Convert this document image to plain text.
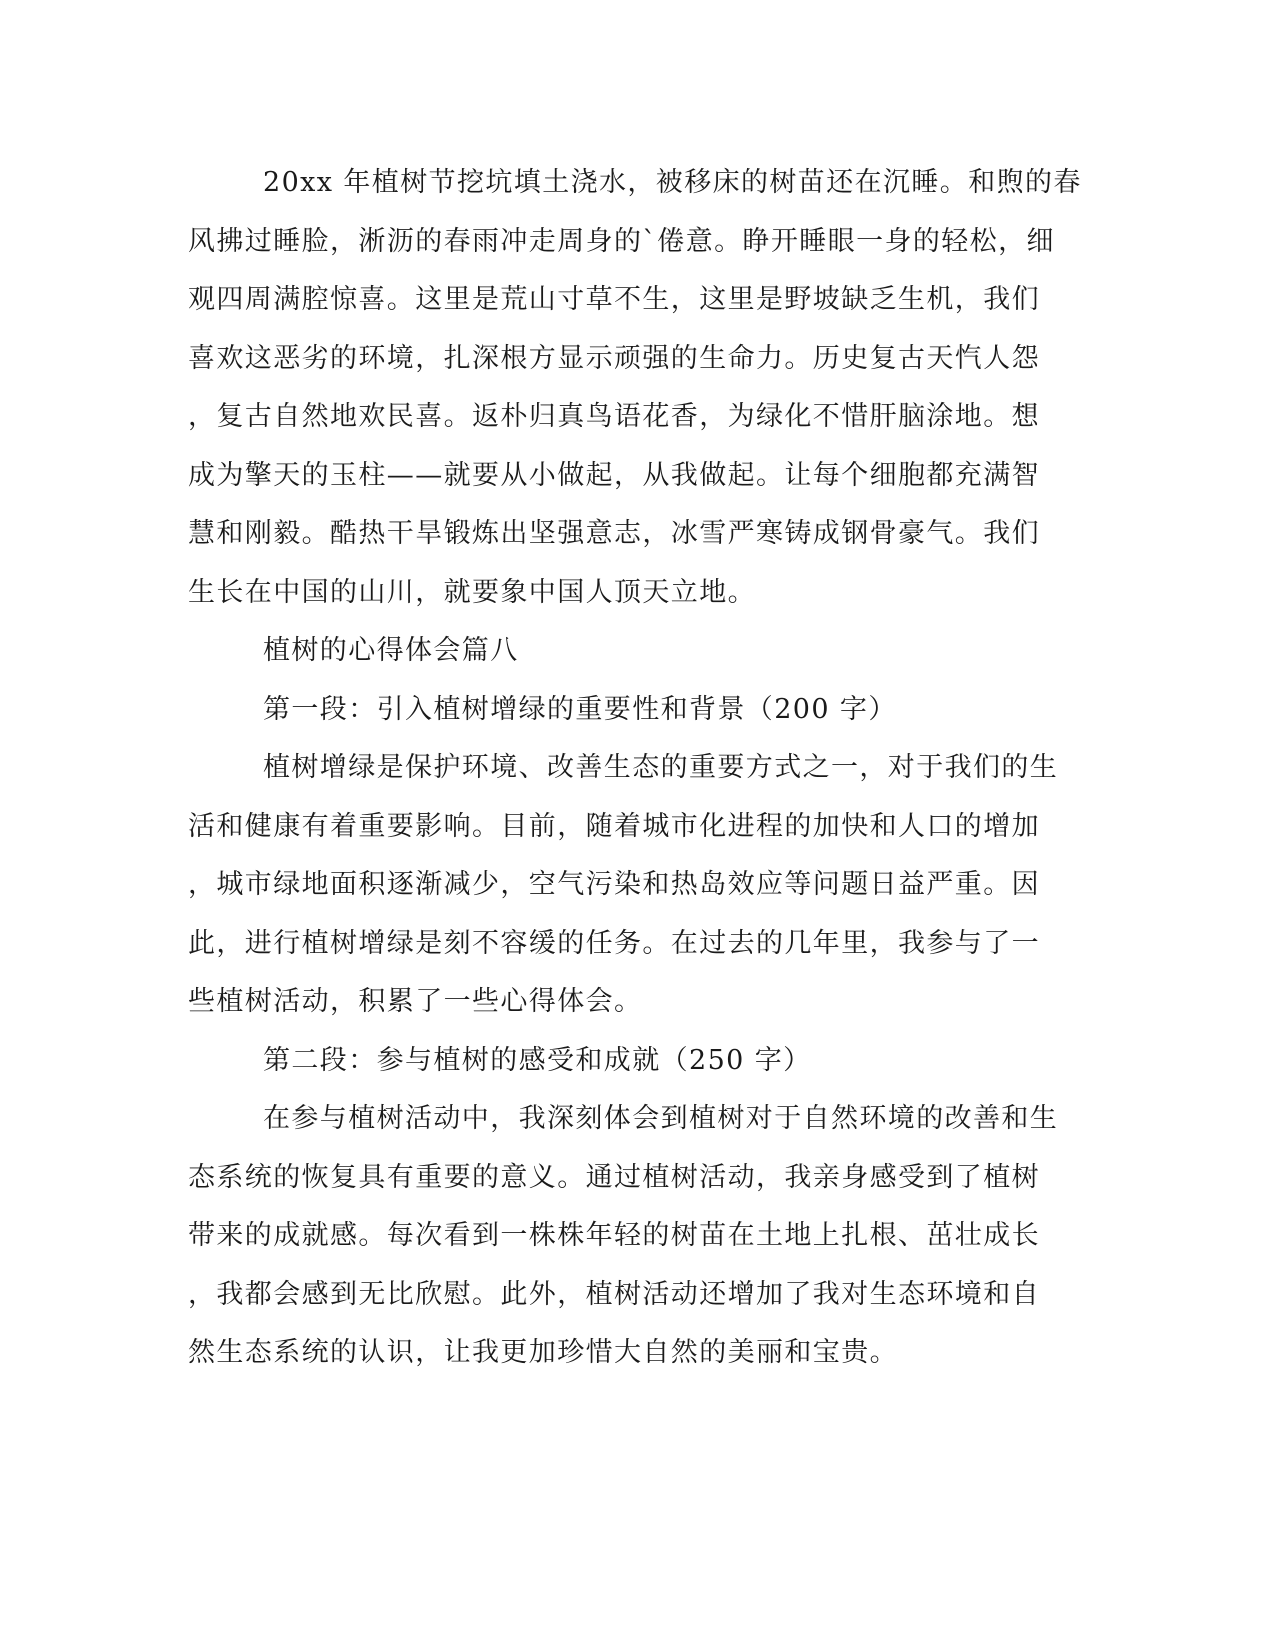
20xx 年植树节挖坑填土浇水，被移床的树苗还在沉睡。和煦的春
风拂过睡脸，淅沥的春雨冲走周身的`倦意。睁开睡眼一身的轻松，细
观四周满腔惊喜。这里是荒山寸草不生，这里是野坡缺乏生机，我们
喜欢这恶劣的环境，扎深根方显示顽强的生命力。历史复古天忾人怨
，复古自然地欢民喜。返朴归真鸟语花香，为绿化不惜肝脑涂地。想
成为擎天的玉柱——就要从小做起，从我做起。让每个细胞都充满智
慧和刚毅。酷热干旱锻炼出坚强意志，冰雪严寒铸成钢骨豪气。我们
生长在中国的山川，就要象中国人顶天立地。
植树的心得体会篇八
第一段：引入植树增绿的重要性和背景（200 字）
植树增绿是保护环境、改善生态的重要方式之一，对于我们的生
活和健康有着重要影响。目前，随着城市化进程的加快和人口的增加
，城市绿地面积逐渐减少，空气污染和热岛效应等问题日益严重。因
此，进行植树增绿是刻不容缓的任务。在过去的几年里，我参与了一
些植树活动，积累了一些心得体会。
第二段：参与植树的感受和成就（250 字）
在参与植树活动中，我深刻体会到植树对于自然环境的改善和生
态系统的恢复具有重要的意义。通过植树活动，我亲身感受到了植树
带来的成就感。每次看到一株株年轻的树苗在土地上扎根、茁壮成长
，我都会感到无比欣慰。此外，植树活动还增加了我对生态环境和自
然生态系统的认识，让我更加珍惜大自然的美丽和宝贵。
